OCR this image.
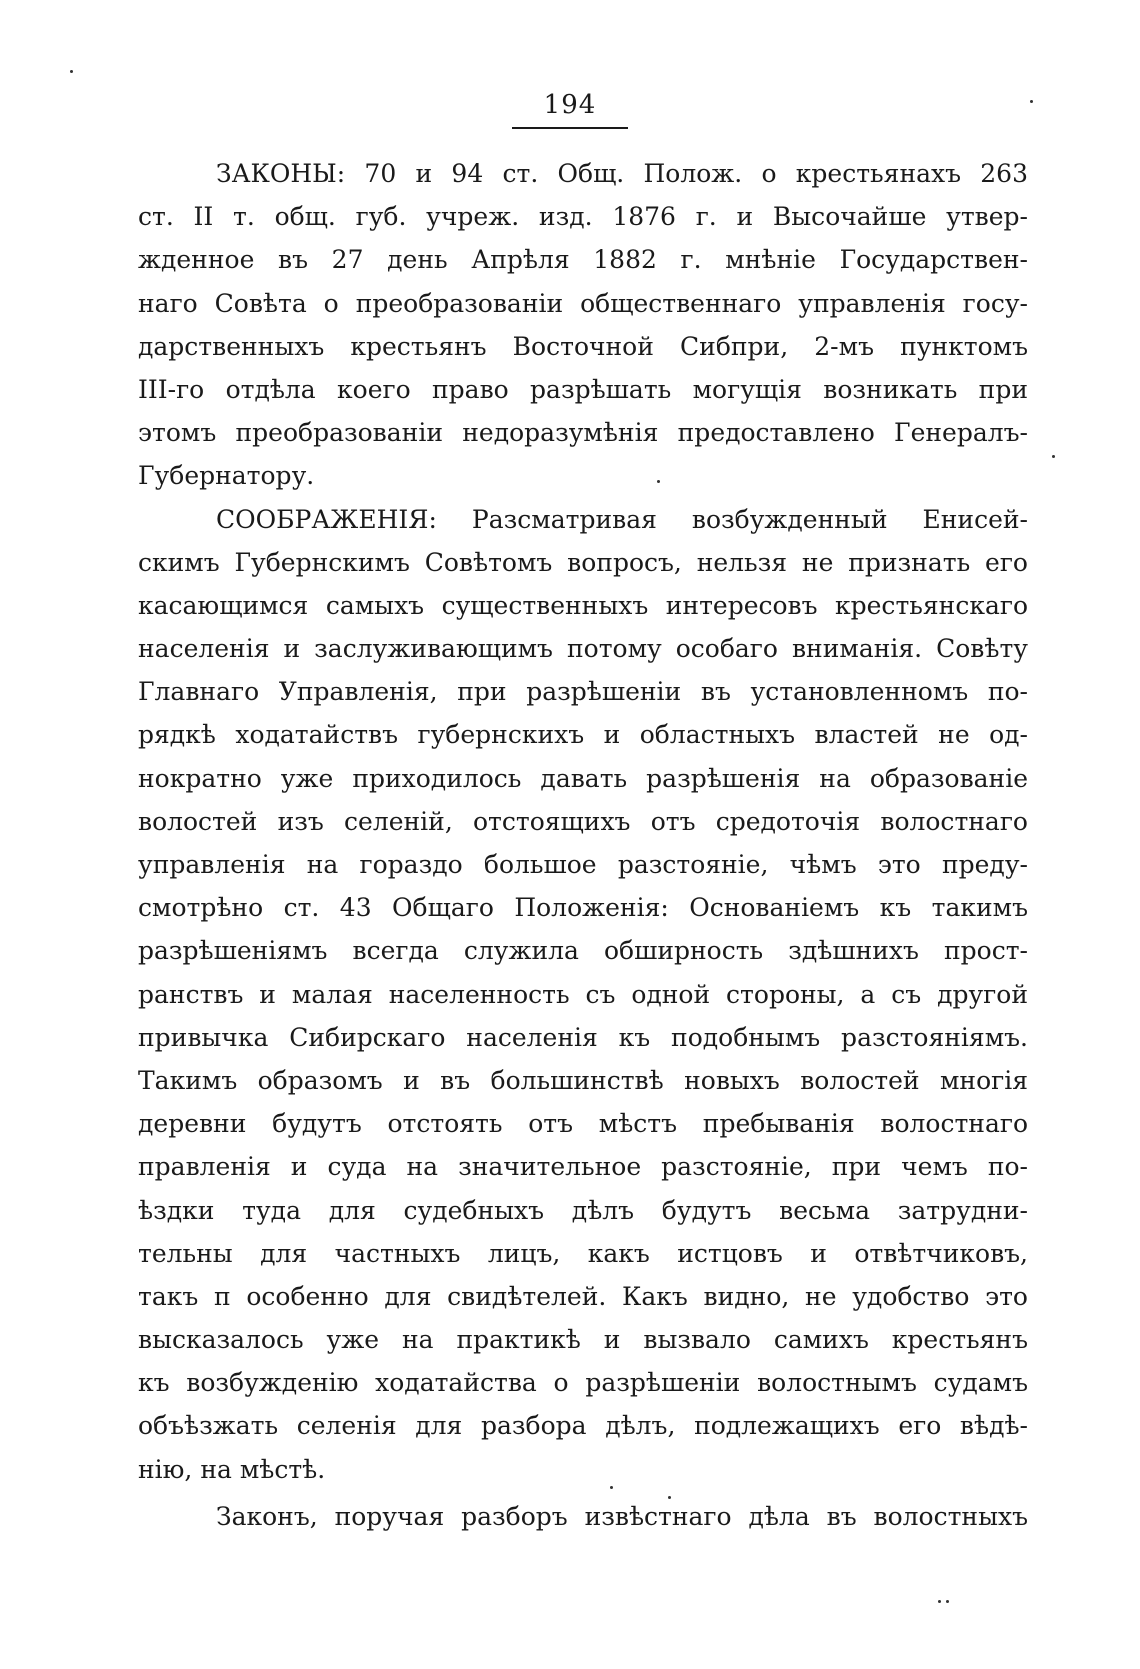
194
ЗАКОНЫ: 70 и 94 ст. Общ. Полож. о крестьянахъ 263
ст. II т. общ. губ. учреж. изд. 1876 г. и Высочайше утвер-
жденное въ 27 день Апрѣля 1882 г. мнѣніе Государствен-
наго Совѣта о преобразованіи общественнаго управленія госу-
дарственныхъ крестьянъ Восточной Сибпри, 2-мъ пунктомъ
III-го отдѣла коего право разрѣшать могущія возникать при
этомъ преобразованіи недоразумѣнія предоставлено Генералъ-
Губернатору.
СООБРАЖЕНІЯ: Разсматривая возбужденный Енисей-
скимъ Губернскимъ Совѣтомъ вопросъ, нельзя не признать его
касающимся самыхъ существенныхъ интересовъ крестьянскаго
населенія и заслуживающимъ потому особаго вниманія. Совѣту
Главнаго Управленія, при разрѣшеніи въ установленномъ по-
рядкѣ ходатайствъ губернскихъ и областныхъ властей не од-
нократно уже приходилось давать разрѣшенія на образованіе
волостей изъ селеній, отстоящихъ отъ средоточія волостнаго
управленія на гораздо большое разстояніе, чѣмъ это преду-
смотрѣно ст. 43 Общаго Положенія: Основаніемъ къ такимъ
разрѣшеніямъ всегда служила обширность здѣшнихъ прост-
ранствъ и малая населенность съ одной стороны, а съ другой
привычка Сибирскаго населенія къ подобнымъ разстояніямъ.
Такимъ образомъ и въ большинствѣ новыхъ волостей многія
деревни будутъ отстоять отъ мѣстъ пребыванія волостнаго
правленія и суда на значительное разстояніе, при чемъ по-
ѣздки туда для судебныхъ дѣлъ будутъ весьма затрудни-
тельны для частныхъ лицъ, какъ истцовъ и отвѣтчиковъ,
такъ п особенно для свидѣтелей. Какъ видно, не удобство это
высказалось уже на практикѣ и вызвало самихъ крестьянъ
къ возбужденію ходатайства о разрѣшеніи волостнымъ судамъ
объѣзжать селенія для разбора дѣлъ, подлежащихъ его вѣдѣ-
нію, на мѣстѣ.
Законъ, поручая разборъ извѣстнаго дѣла въ волостныхъ
